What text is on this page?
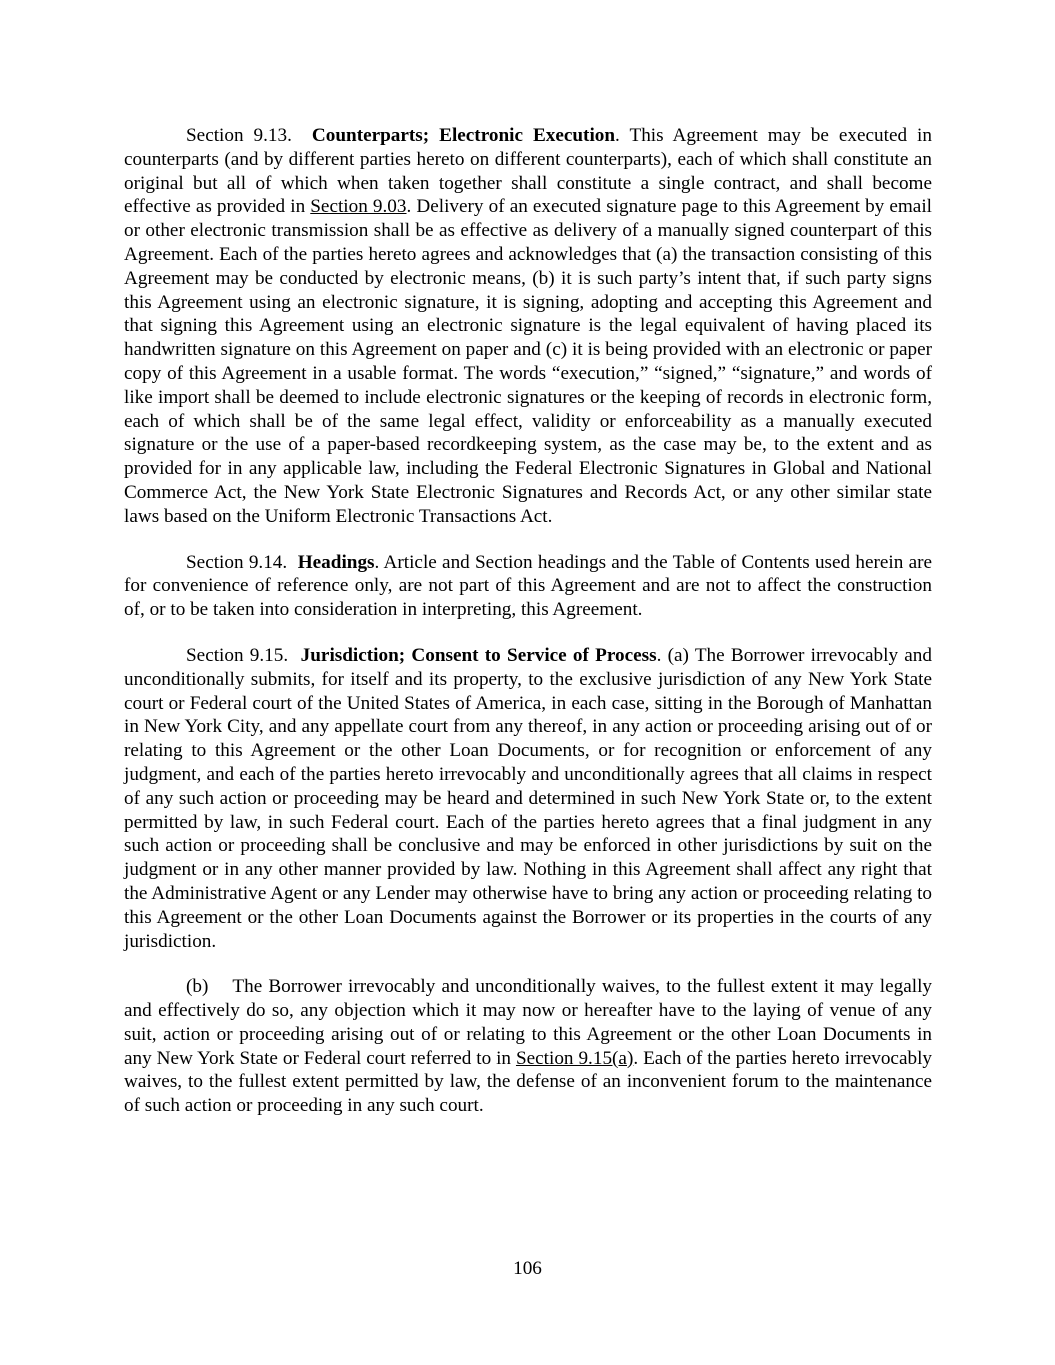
Section 9.13. Counterparts; Electronic Execution. This Agreement may be executed in counterparts (and by different parties hereto on different counterparts), each of which shall constitute an original but all of which when taken together shall constitute a single contract, and shall become effective as provided in Section 9.03. Delivery of an executed signature page to this Agreement by email or other electronic transmission shall be as effective as delivery of a manually signed counterpart of this Agreement. Each of the parties hereto agrees and acknowledges that (a) the transaction consisting of this Agreement may be conducted by electronic means, (b) it is such party’s intent that, if such party signs this Agreement using an electronic signature, it is signing, adopting and accepting this Agreement and that signing this Agreement using an electronic signature is the legal equivalent of having placed its handwritten signature on this Agreement on paper and (c) it is being provided with an electronic or paper copy of this Agreement in a usable format. The words “execution,” “signed,” “signature,” and words of like import shall be deemed to include electronic signatures or the keeping of records in electronic form, each of which shall be of the same legal effect, validity or enforceability as a manually executed signature or the use of a paper-based recordkeeping system, as the case may be, to the extent and as provided for in any applicable law, including the Federal Electronic Signatures in Global and National Commerce Act, the New York State Electronic Signatures and Records Act, or any other similar state laws based on the Uniform Electronic Transactions Act.

Section 9.14. Headings. Article and Section headings and the Table of Contents used herein are for convenience of reference only, are not part of this Agreement and are not to affect the construction of, or to be taken into consideration in interpreting, this Agreement.

Section 9.15. Jurisdiction; Consent to Service of Process. (a) The Borrower irrevocably and unconditionally submits, for itself and its property, to the exclusive jurisdiction of any New York State court or Federal court of the United States of America, in each case, sitting in the Borough of Manhattan in New York City, and any appellate court from any thereof, in any action or proceeding arising out of or relating to this Agreement or the other Loan Documents, or for recognition or enforcement of any judgment, and each of the parties hereto irrevocably and unconditionally agrees that all claims in respect of any such action or proceeding may be heard and determined in such New York State or, to the extent permitted by law, in such Federal court. Each of the parties hereto agrees that a final judgment in any such action or proceeding shall be conclusive and may be enforced in other jurisdictions by suit on the judgment or in any other manner provided by law. Nothing in this Agreement shall affect any right that the Administrative Agent or any Lender may otherwise have to bring any action or proceeding relating to this Agreement or the other Loan Documents against the Borrower or its properties in the courts of any jurisdiction.

(b) The Borrower irrevocably and unconditionally waives, to the fullest extent it may legally and effectively do so, any objection which it may now or hereafter have to the laying of venue of any suit, action or proceeding arising out of or relating to this Agreement or the other Loan Documents in any New York State or Federal court referred to in Section 9.15(a). Each of the parties hereto irrevocably waives, to the fullest extent permitted by law, the defense of an inconvenient forum to the maintenance of such action or proceeding in any such court.

106
